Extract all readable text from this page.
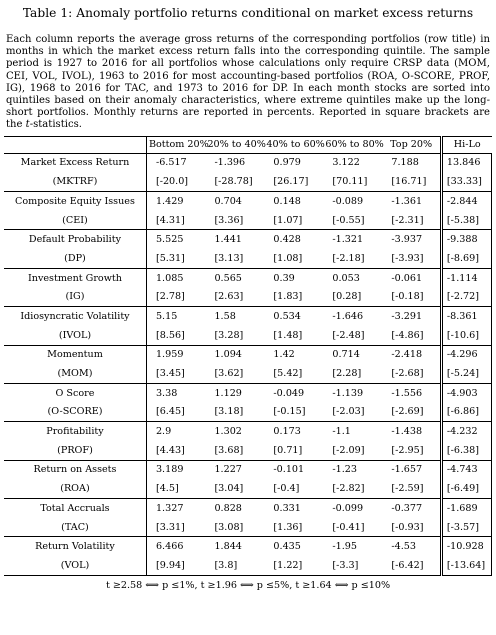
Table 1: Anomaly portfolio returns conditional on market excess returns

Each column reports the average gross returns of the corresponding portfolios (row title) in months in which the market excess return falls into the corresponding quintile. The sample period is 1927 to 2016 for all portfolios whose calculations only require CRSP data (MOM, CEI, VOL, IVOL), 1963 to 2016 for most accounting-based portfolios (ROA, O-SCORE, PROF, IG), 1968 to 2016 for TAC, and 1973 to 2016 for DP. In each month stocks are sorted into quintiles based on their anomaly characteristics, where extreme quintiles make up the long-short portfolios. Monthly returns are reported in percents. Reported in square brackets are the t-statistics.

	Bottom 20%	20% to 40%	40% to 60%	60% to 80%	Top 20%	Hi-Lo
Market Excess Return	-6.517	-1.396	0.979	3.122	7.188	13.846
(MKTRF)	[-20.0]	[-28.78]	[26.17]	[70.11]	[16.71]	[33.33]
Composite Equity Issues	1.429	0.704	0.148	-0.089	-1.361	-2.844
(CEI)	[4.31]	[3.36]	[1.07]	[-0.55]	[-2.31]	[-5.38]
Default Probability	5.525	1.441	0.428	-1.321	-3.937	-9.388
(DP)	[5.31]	[3.13]	[1.08]	[-2.18]	[-3.93]	[-8.69]
Investment Growth	1.085	0.565	0.39	0.053	-0.061	-1.114
(IG)	[2.78]	[2.63]	[1.83]	[0.28]	[-0.18]	[-2.72]
Idiosyncratic Volatility	5.15	1.58	0.534	-1.646	-3.291	-8.361
(IVOL)	[8.56]	[3.28]	[1.48]	[-2.48]	[-4.86]	[-10.6]
Momentum	1.959	1.094	1.42	0.714	-2.418	-4.296
(MOM)	[3.45]	[3.62]	[5.42]	[2.28]	[-2.68]	[-5.24]
O Score	3.38	1.129	-0.049	-1.139	-1.556	-4.903
(O-SCORE)	[6.45]	[3.18]	[-0.15]	[-2.03]	[-2.69]	[-6.86]
Profitability	2.9	1.302	0.173	-1.1	-1.438	-4.232
(PROF)	[4.43]	[3.68]	[0.71]	[-2.09]	[-2.95]	[-6.38]
Return on Assets	3.189	1.227	-0.101	-1.23	-1.657	-4.743
(ROA)	[4.5]	[3.04]	[-0.4]	[-2.82]	[-2.59]	[-6.49]
Total Accruals	1.327	0.828	0.331	-0.099	-0.377	-1.689
(TAC)	[3.31]	[3.08]	[1.36]	[-0.41]	[-0.93]	[-3.57]
Return Volatility	6.466	1.844	0.435	-1.95	-4.53	-10.928
(VOL)	[9.94]	[3.8]	[1.22]	[-3.3]	[-6.42]	[-13.64]
t ≥2.58 ⟺ p ≤1%, t ≥1.96 ⟺ p ≤5%, t ≥1.64 ⟺ p ≤10%
